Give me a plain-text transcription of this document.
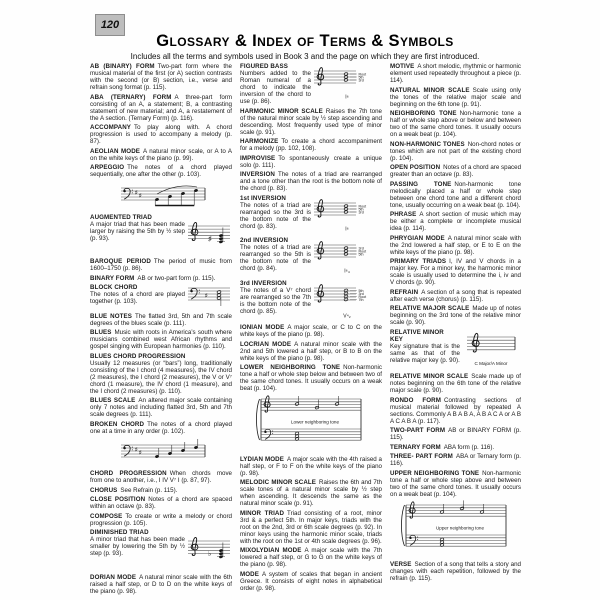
120
Glossary & Index of Terms & Symbols
Includes all the terms and symbols used in Book 3 and the page on which they are first introduced.
AB (BINARY) FORM Two-part form where the musical material of the first (or A) section contrasts with the second (or B) section, i.e., verse and refrain song format (p. 115).
ABA (TERNARY) FORM A three-part form consisting of an A, a statement; B, a contrasting statement of new material; and A, a restatement of the A section. (Ternary Form) (p. 116).
ACCOMPANY To play along with. A chord progression is used to accompany a melody (p. 87).
AEOLIAN MODE A natural minor scale, or A to A on the white keys of the piano (p. 99).
ARPEGGIO The notes of a chord played sequentially, one after the other (p. 103).
♯ ♯
AUGMENTED TRIAD
A major triad that has been made larger by raising the 5th by ½ step (p. 93).	♯
BAROQUE PERIOD The period of music from 1600–1750 (p. 86).
BINARY FORM AB or two-part form (p. 115).
BLOCK CHORD
The notes of a chord are played together (p. 103).
♯
BLUE NOTES The flatted 3rd, 5th and 7th scale degrees of the blues scale (p. 111).
BLUES Music with roots in America’s south where musicians combined west African rhythms and gospel singing with European harmonies (p. 110).
BLUES CHORD PROGRESSION
Usually 12 measures (or “bars”) long, traditionally consisting of the I chord (4 measures), the IV chord (2 measures), the I chord (2 measures), the V or V⁷ chord (1 measure), the IV chord (1 measure), and the I chord (2 measures) (p. 110).
BLUES SCALE An altered major scale containing only 7 notes and including flatted 3rd, 5th and 7th scale degrees (p. 111).
BROKEN CHORD The notes of a chord played one at a time in any order (p. 102).
♯ ♯
CHORD PROGRESSION When chords move from one to another, i.e., I IV V⁷ I (p. 87, 97).
CHORUS See Refrain (p. 115).
CLOSE POSITION Notes of a chord are spaced within an octave (p. 83).
COMPOSE To create or write a melody or chord progression (p. 105).
DIMINISHED TRIAD
A minor triad that has been made smaller by lowering the 5th by ½ step (p. 93).	♭
DORIAN MODE A natural minor scale with the 6th raised a half step, or D to D on the white keys of the piano (p. 98).
FIGURED BASS
Numbers added to the Roman numeral of a chord to indicate the inversion of the chord to use (p. 86).
Root
5th
3rd
I⁶
HARMONIC MINOR SCALE Raises the 7th tone of the natural minor scale by ½ step ascending and descending. Most frequently used type of minor scale (p. 91).
HARMONIZE To create a chord accompaniment for a melody (pp. 102, 108).
IMPROVISE To spontaneously create a unique solo (p. 111).
INVERSION The notes of a triad are rearranged and a tone other than the root is the bottom note of the chord (p. 83).
1st INVERSION
The notes of a triad are rearranged so the 3rd is the bottom note of the chord (p. 83).
Root
5th
3rd
I⁶
2nd INVERSION
The notes of a triad are rearranged so the 5th is the bottom note of the chord (p. 84).
3rd
Root
5th
I⁶₄
3rd INVERSION
The notes of a V⁷ chord are rearranged so the 7th is the bottom note of the chord (p. 85).
5th
3rd
Root
7th
V⁴₂
IONIAN MODE A major scale, or C to C on the white keys of the piano (p. 98).
LOCRIAN MODE A natural minor scale with the 2nd and 5th lowered a half step, or B to B on the white keys of the piano (p. 98).
LOWER NEIGHBORING TONE Non-harmonic tone a half or whole step below and between two of the same chord tones. It usually occurs on a weak beat (p. 104).
Lower neighboring tone
LYDIAN MODE A major scale with the 4th raised a half step, or F to F on the white keys of the piano (p. 98).
MELODIC MINOR SCALE Raises the 6th and 7th scale tones of a natural minor scale by ½ step when ascending. It descends the same as the natural minor scale (p. 91).
MINOR TRIAD Triad consisting of a root, minor 3rd & a perfect 5th. In major keys, triads with the root on the 2nd, 3rd or 6th scale degrees (p. 92). In minor keys using the harmonic minor scale, triads with the root on the 1st or 4th scale degrees (p. 96).
MIXOLYDIAN MODE A major scale with the 7th lowered a half step, or G to G on the white keys of the piano (p. 98).
MODE A system of scales that began in ancient Greece. It consists of eight notes in alphabetical order (p. 98).
MOTIVE A short melodic, rhythmic or harmonic element used repeatedly throughout a piece (p. 114).
NATURAL MINOR SCALE Scale using only the tones of the relative major scale and beginning on the 6th tone (p. 91).
NEIGHBORING TONE Non-harmonic tone a half or whole step above or below and between two of the same chord tones. It usually occurs on a weak beat (p. 104).
NON-HARMONIC TONES Non-chord notes or tones which are not part of the existing chord (p. 104).
OPEN POSITION Notes of a chord are spaced greater than an octave (p. 83).
PASSING TONE Non-harmonic tone melodically placed a half or whole step between one chord tone and a different chord tone, usually occurring on a weak beat (p. 104).
PHRASE A short section of music which may be either a complete or incomplete musical idea (p. 114).
PHRYGIAN MODE A natural minor scale with the 2nd lowered a half step, or E to E on the white keys of the piano (p. 98).
PRIMARY TRIADS I, IV and V chords in a major key. For a minor key, the harmonic minor scale is usually used to determine the i, iv and V chords (p. 90).
REFRAIN A section of a song that is repeated after each verse (chorus) (p. 115).
RELATIVE MAJOR SCALE Made up of notes beginning on the 3rd tone of the relative minor scale (p. 90).
RELATIVE MINOR KEY
Key signature that is the same as that of the relative major key (p. 90).	C Major/A Minor
RELATIVE MINOR SCALE Scale made up of notes beginning on the 6th tone of the relative major scale (p. 90).
RONDO FORM Contrasting sections of musical material followed by repeated A sections. Commonly A B A B A, A B A C A or A B A C A B A (p. 117).
TWO-PART FORM AB or BINARY FORM (p. 115).
TERNARY FORM ABA form (p. 116).
THREE- PART FORM ABA or Ternary form (p. 116).
UPPER NEIGHBORING TONE Non-harmonic tone a half or whole step above and between two of the same chord tones. It usually occurs on a weak beat (p. 104).
Upper neighboring tone
VERSE Section of a song that tells a story and changes with each repetition, followed by the refrain (p. 115).
